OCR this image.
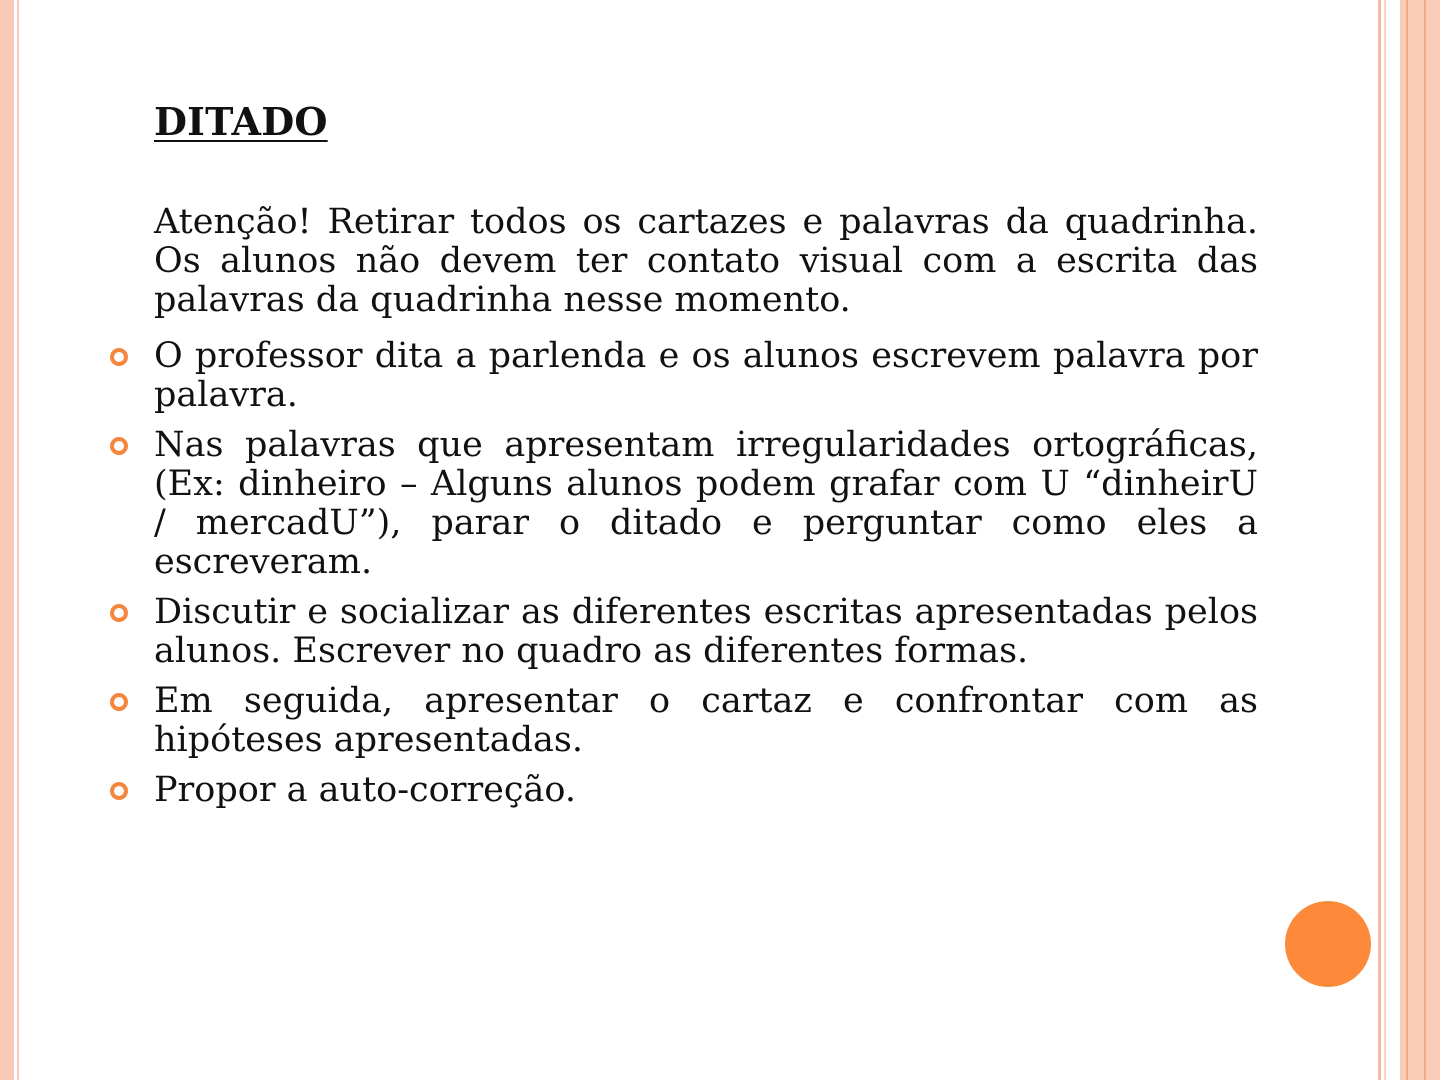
DITADO

Atenção! Retirar todos os cartazes e palavras da quadrinha. Os alunos não devem ter contato visual com a escrita das palavras da quadrinha nesse momento.

O professor dita a parlenda e os alunos escrevem palavra por palavra.
Nas palavras que apresentam irregularidades ortográficas, (Ex: dinheiro – Alguns alunos podem grafar com U “dinheirU / mercadU”), parar o ditado e perguntar como eles a escreveram.
Discutir e socializar as diferentes escritas apresentadas pelos alunos. Escrever no quadro as diferentes formas.
Em seguida, apresentar o cartaz e confrontar com as hipóteses apresentadas.
Propor a auto-correção.
